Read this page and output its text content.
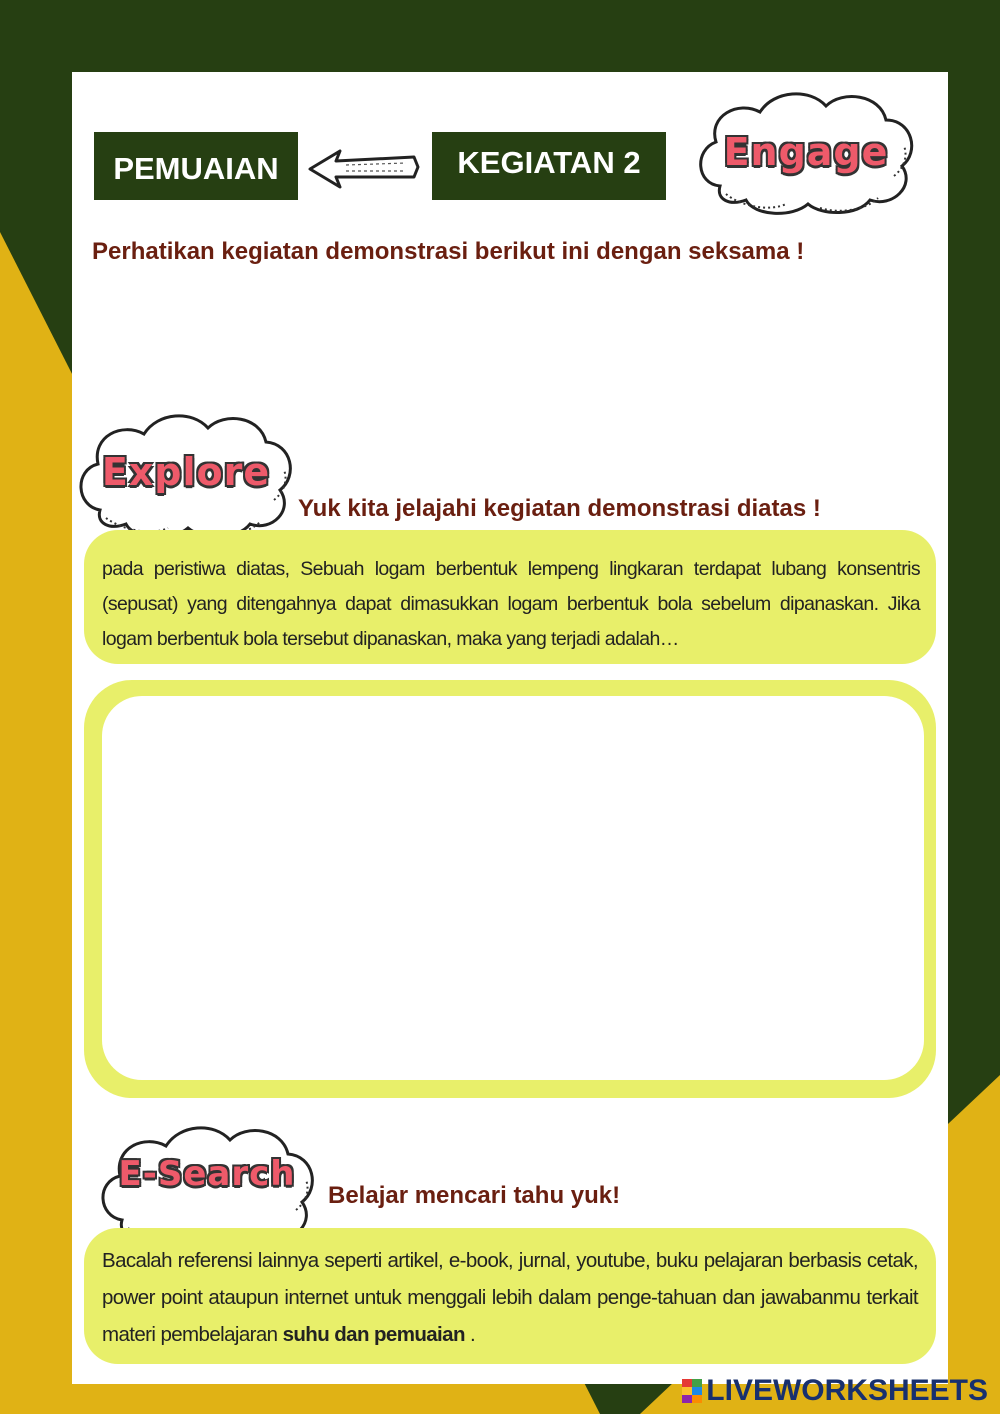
PEMUAIAN	KEGIATAN 2	Engage
Perhatikan kegiatan demonstrasi berikut ini dengan seksama !
Explore
Yuk kita jelajahi kegiatan demonstrasi diatas !

pada peristiwa diatas, Sebuah logam berbentuk lempeng lingkaran terdapat lubang konsentris (sepusat) yang ditengahnya dapat dimasukkan logam berbentuk bola sebelum dipanaskan. Jika logam berbentuk bola tersebut dipanaskan, maka yang terjadi adalah…

E-Search
Belajar mencari tahu yuk!

Bacalah referensi lainnya seperti artikel, e-book, jurnal, youtube, buku pelajaran berbasis cetak, power point ataupun internet untuk menggali lebih dalam penge-tahuan dan jawabanmu terkait materi pembelajaran suhu dan pemuaian .

LIVEWORKSHEETS
